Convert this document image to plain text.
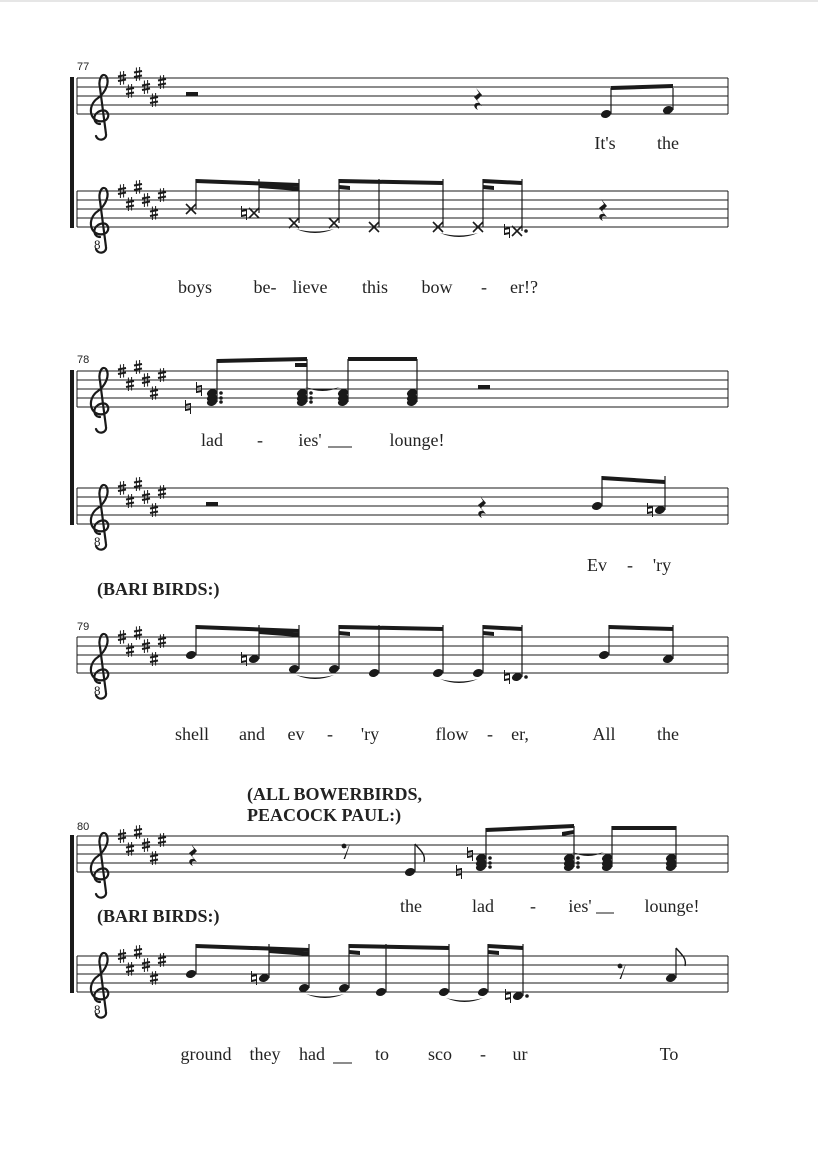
8
8
8
8
77
78
79
80
(BARI BIRDS:)
(ALL BOWERBIRDS,
PEACOCK PAUL:)
(BARI BIRDS:)
It's the
boys be- lieve this bow - er!?
lad - ies'	lounge!
Ev - 'ry
shell and ev - 'ry	flow - er,	All the
the	lad - ies'	lounge!
ground they had	to sco - ur	To
